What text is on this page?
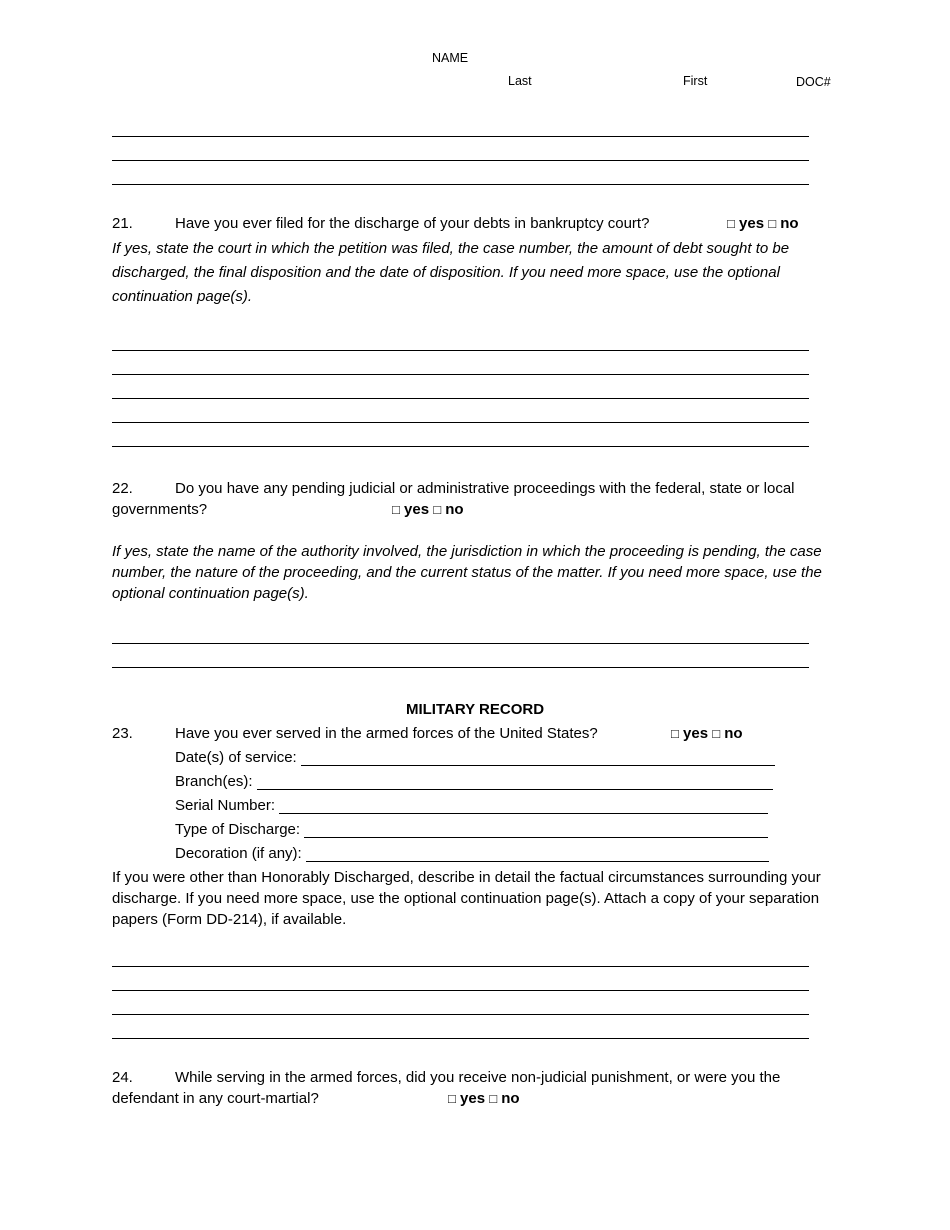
NAME
Last	First	DOC#
21.	Have you ever filed for the discharge of your debts in bankruptcy court?	□ yes □ no
If yes, state the court in which the petition was filed, the case number, the amount of debt sought to be discharged, the final disposition and the date of disposition. If you need more space, use the optional continuation page(s).
22.	Do you have any pending judicial or administrative proceedings with the federal, state or local
governments?	□ yes □ no
If yes, state the name of the authority involved, the jurisdiction in which the proceeding is pending, the case number, the nature of the proceeding, and the current status of the matter. If you need more space, use the optional continuation page(s).
MILITARY RECORD
23.	Have you ever served in the armed forces of the United States?	□ yes □ no
Date(s) of service:
Branch(es):
Serial Number:
Type of Discharge:
Decoration (if any):
If you were other than Honorably Discharged, describe in detail the factual circumstances surrounding your discharge. If you need more space, use the optional continuation page(s). Attach a copy of your separation papers (Form DD-214), if available.
24.	While serving in the armed forces, did you receive non-judicial punishment, or were you the
defendant in any court-martial?	□ yes □ no
